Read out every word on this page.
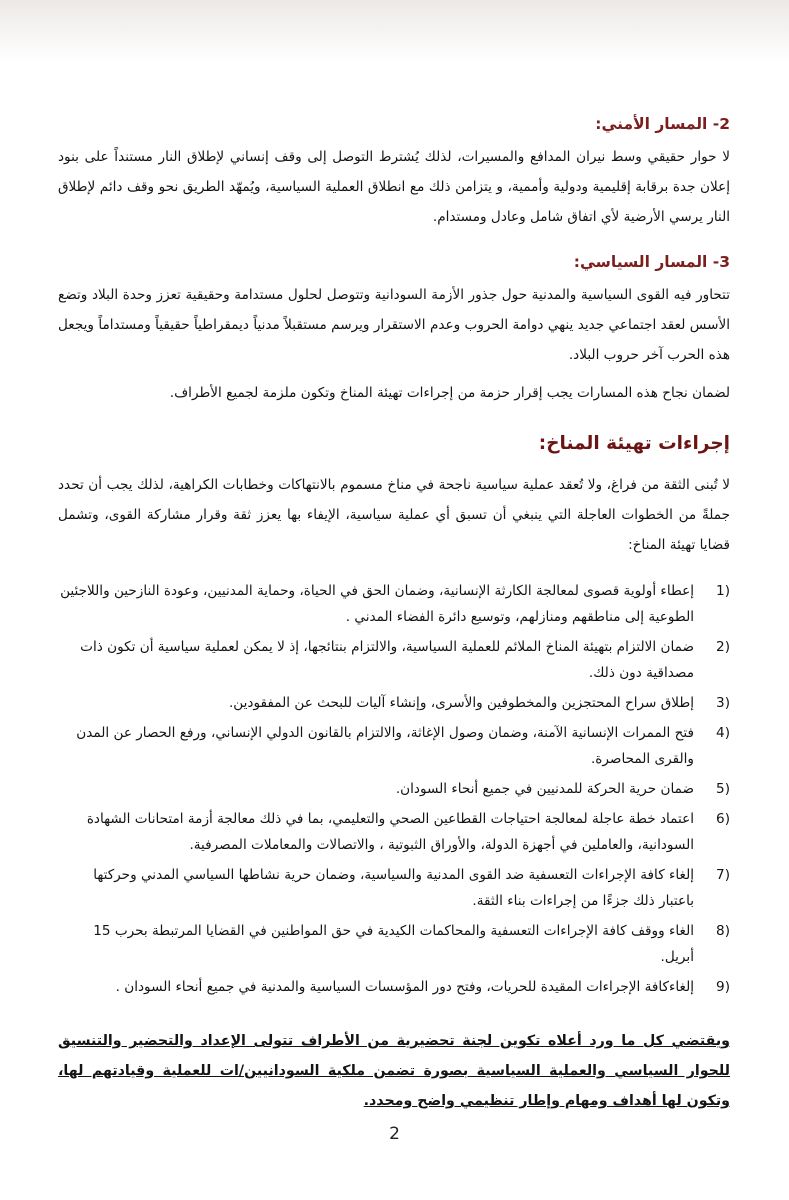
2- المسار الأمني:

لا حوار حقيقي وسط نيران المدافع والمسيرات، لذلك يُشترط التوصل إلى وقف إنساني لإطلاق النار مستنداً على بنود إعلان جدة برقابة إقليمية ودولية وأممية، و يتزامن ذلك مع انطلاق العملية السياسية، ويُمهّد الطريق نحو وقف دائم لإطلاق النار يرسي الأرضية لأي اتفاق شامل وعادل ومستدام.

3- المسار السياسي:

تتحاور فيه القوى السياسية والمدنية حول جذور الأزمة السودانية وتتوصل لحلول مستدامة وحقيقية تعزز وحدة البلاد وتضع الأسس لعقد اجتماعي جديد ينهي دوامة الحروب وعدم الاستقرار ويرسم مستقبلاً مدنياً ديمقراطياً حقيقياً ومستداماً ويجعل هذه الحرب آخر حروب البلاد.

لضمان نجاح هذه المسارات يجب إقرار حزمة من إجراءات تهيئة المناخ وتكون ملزمة لجميع الأطراف.

إجراءات تهيئة المناخ:

لا تُبنى الثقة من فراغ، ولا تُعقد عملية سياسية ناجحة في مناخ مسموم بالانتهاكات وخطابات الكراهية، لذلك يجب أن تحدد جملةً من الخطوات العاجلة التي ينبغي أن تسبق أي عملية سياسية، الإيفاء بها يعزز ثقة وقرار مشاركة القوى، وتشمل قضايا تهيئة المناخ:

1)
إعطاء أولوية قصوى لمعالجة الكارثة الإنسانية، وضمان الحق في الحياة، وحماية المدنيين، وعودة النازحين واللاجئين الطوعية إلى مناطقهم ومنازلهم، وتوسيع دائرة الفضاء المدني .
2)
ضمان الالتزام بتهيئة المناخ الملائم للعملية السياسية، والالتزام بنتائجها، إذ لا يمكن لعملية سياسية أن تكون ذات مصداقية دون ذلك.
3)
إطلاق سراح المحتجزين والمخطوفين والأسرى، وإنشاء آليات للبحث عن المفقودين.
4)
فتح الممرات الإنسانية الآمنة، وضمان وصول الإغاثة، والالتزام بالقانون الدولي الإنساني، ورفع الحصار عن المدن والقرى المحاصرة.
5)
ضمان حرية الحركة للمدنيين في جميع أنحاء السودان.
6)
اعتماد خطة عاجلة لمعالجة احتياجات القطاعين الصحي والتعليمي، بما في ذلك معالجة أزمة امتحانات الشهادة السودانية، والعاملين في أجهزة الدولة، والأوراق الثبوتية ، والاتصالات والمعاملات المصرفية.
7)
إلغاء كافة الإجراءات التعسفية ضد القوى المدنية والسياسية، وضمان حرية نشاطها السياسي المدني وحركتها باعتبار ذلك جزءًا من إجراءات بناء الثقة.
8)
الغاء ووقف كافة الإجراءات التعسفية والمحاكمات الكيدية في حق المواطنين في القضايا المرتبطة بحرب 15 أبريل.
9)
إلغاءكافة الإجراءات المقيدة للحريات، وفتح دور المؤسسات السياسية والمدنية في جميع أنحاء السودان .

ويقتضي كل ما ورد أعلاه تكوين لجنة تحضيرية من الأطراف تتولى الإعداد والتحضير والتنسيق للحوار السياسي والعملية السياسية بصورة تضمن ملكية السودانيين/ات للعملية وقيادتهم لها، وتكون لها أهداف ومهام وإطار تنظيمي واضح ومحدد.

2
